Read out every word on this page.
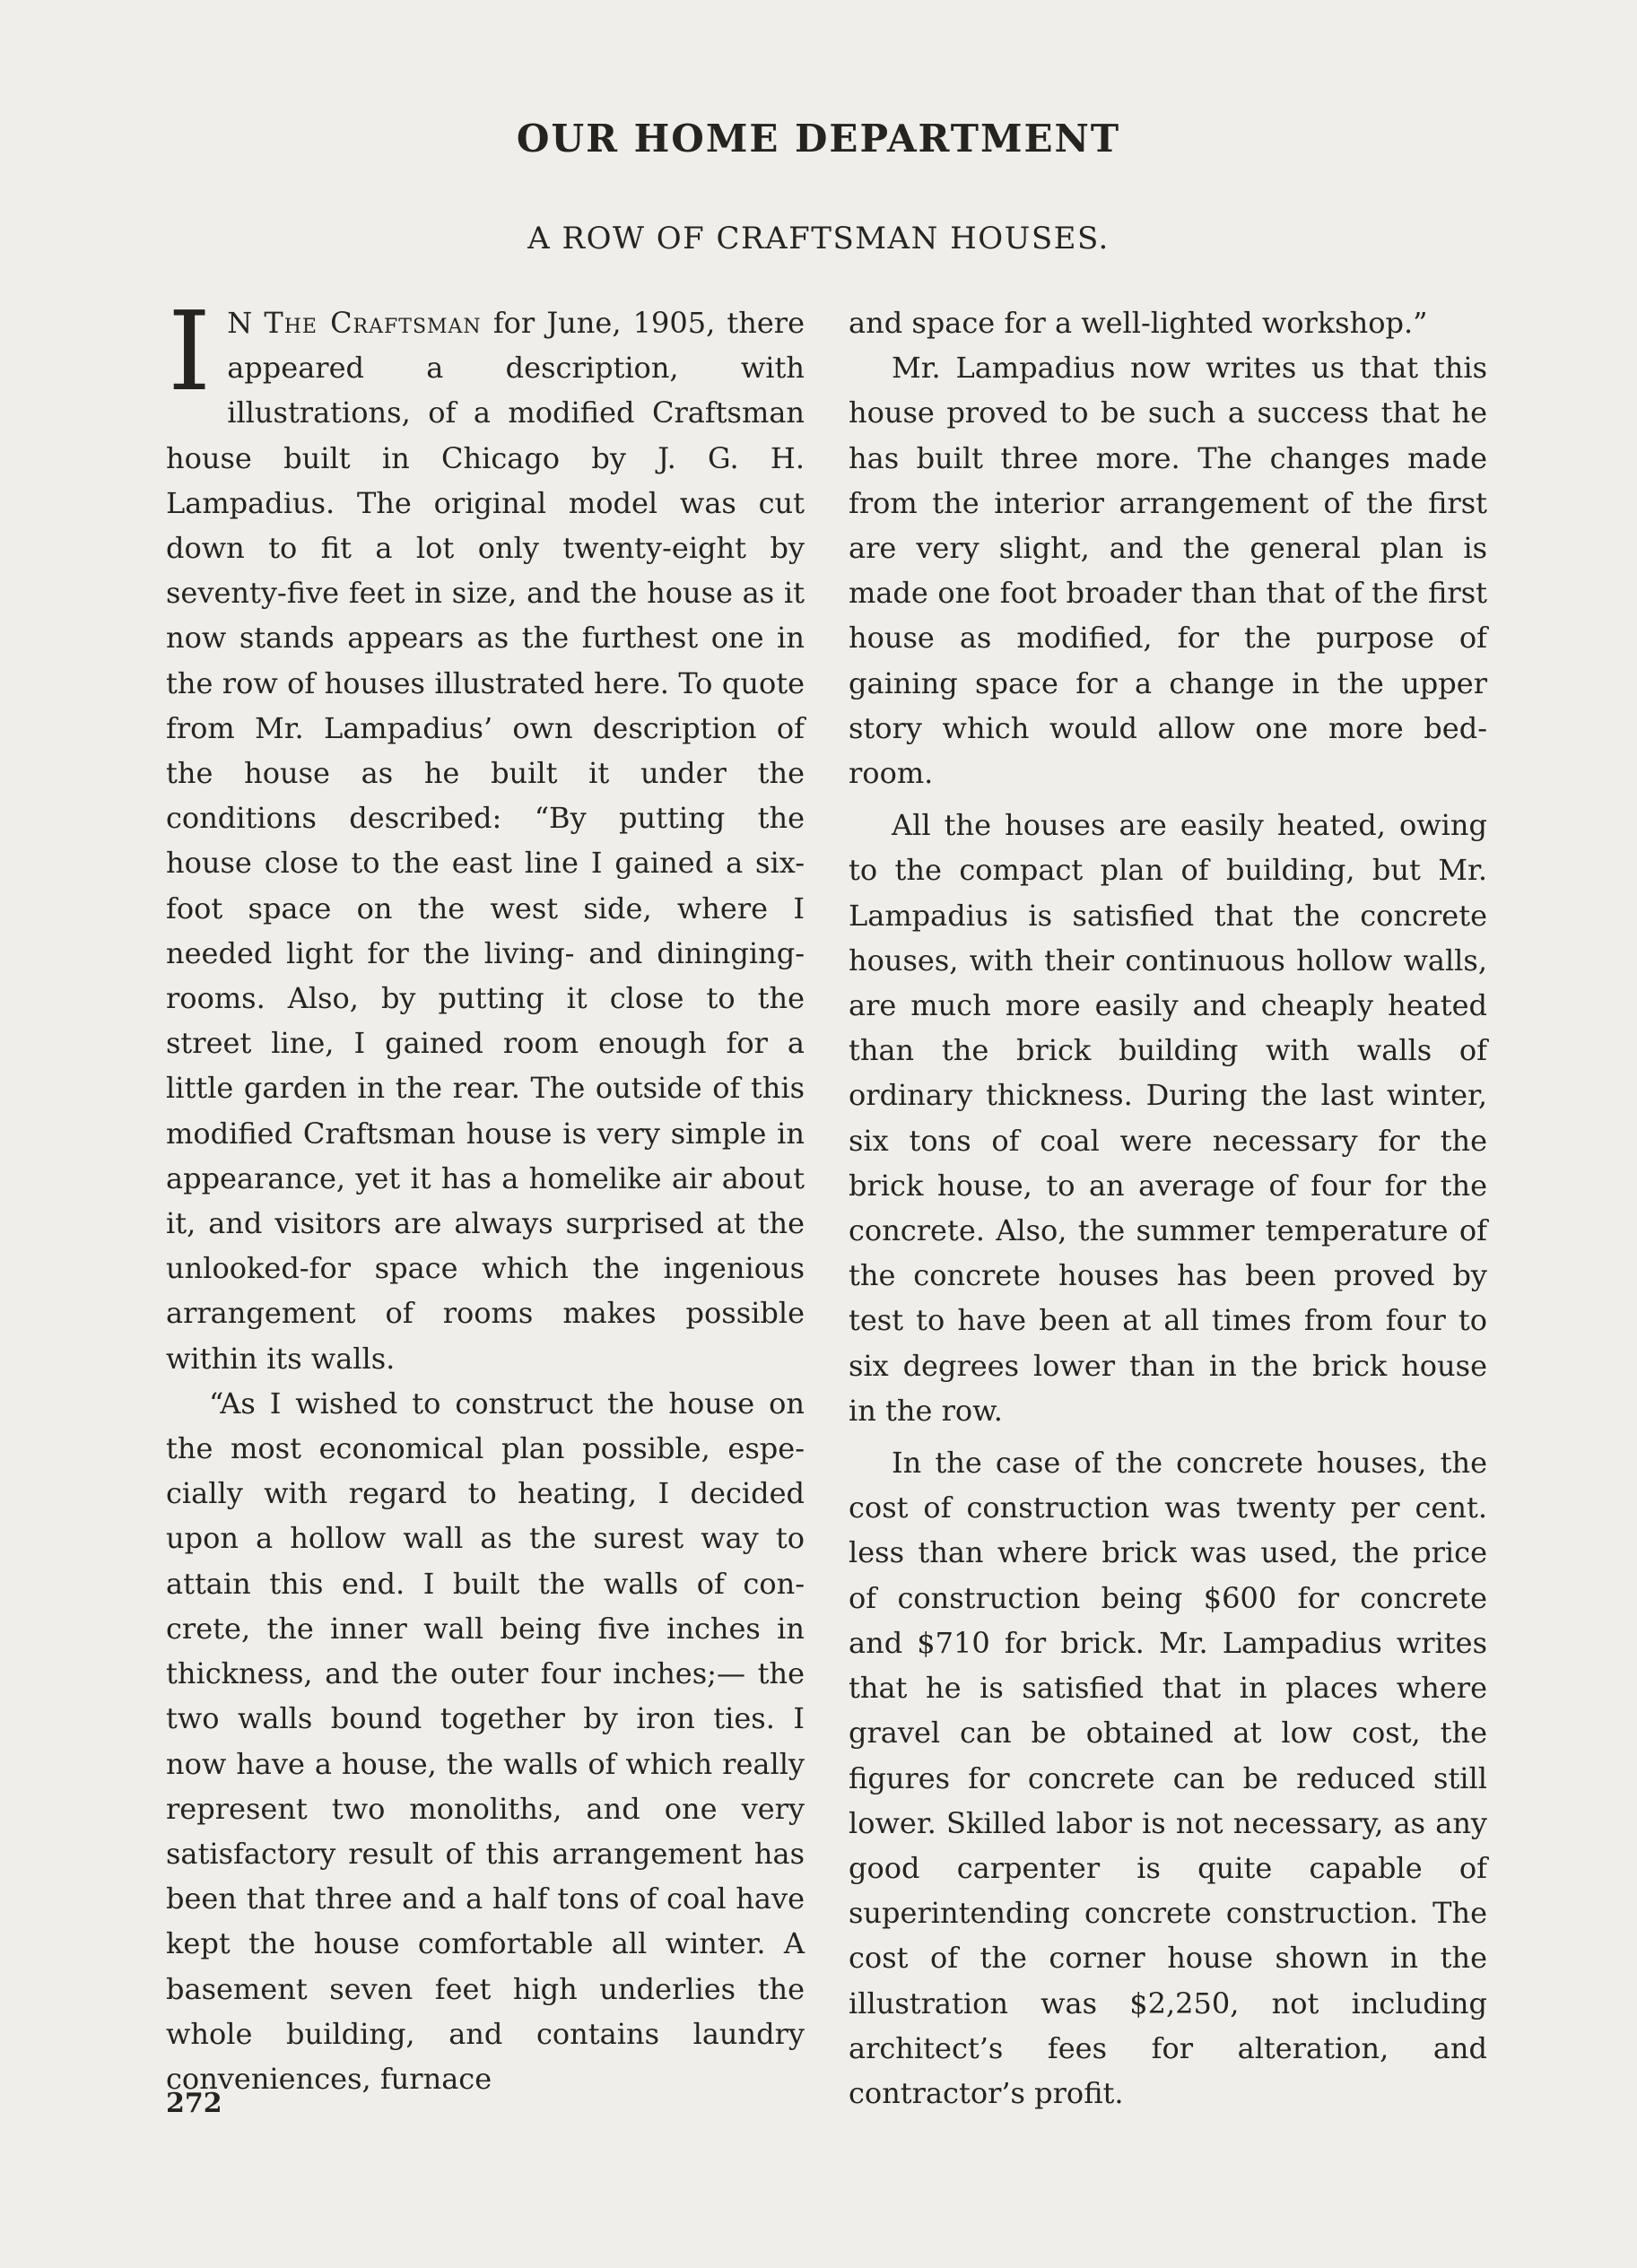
OUR HOME DEPARTMENT
A ROW OF CRAFTSMAN HOUSES.

I N The Craftsman for June, 1905, there appeared a description, with illustrations, of a modified Craftsman house built in Chicago by J. G. H. Lampadius. The original model was cut down to fit a lot only twenty-eight by seventy-five feet in size, and the house as it now stands appears as the furthest one in the row of houses illustrated here. To quote from Mr. Lampadius’ own description of the house as he built it under the conditions described: “By putting the house close to the east line I gained a six-foot space on the west side, where I needed light for the living- and dininging-rooms. Also, by putting it close to the street line, I gained room enough for a little garden in the rear. The outside of this modified Craftsman house is very simple in appearance, yet it has a homelike air about it, and visitors are always surprised at the unlooked-for space which the ingenious arrangement of rooms makes possible within its walls.

“As I wished to construct the house on the most economical plan possible, especially with regard to heating, I decided upon a hollow wall as the surest way to attain this end. I built the walls of concrete, the inner wall being five inches in thickness, and the outer four inches;— the two walls bound together by iron ties. I now have a house, the walls of which really represent two monoliths, and one very satisfactory result of this arrangement has been that three and a half tons of coal have kept the house comfortable all winter. A basement seven feet high underlies the whole building, and contains laundry conveniences, furnace

and space for a well-lighted workshop.”

Mr. Lampadius now writes us that this house proved to be such a success that he has built three more. The changes made from the interior arrangement of the first are very slight, and the general plan is made one foot broader than that of the first house as modified, for the purpose of gaining space for a change in the upper story which would allow one more bedroom.

All the houses are easily heated, owing to the compact plan of building, but Mr. Lampadius is satisfied that the concrete houses, with their continuous hollow walls, are much more easily and cheaply heated than the brick building with walls of ordinary thickness. During the last winter, six tons of coal were necessary for the brick house, to an average of four for the concrete. Also, the summer temperature of the concrete houses has been proved by test to have been at all times from four to six degrees lower than in the brick house in the row.

In the case of the concrete houses, the cost of construction was twenty per cent. less than where brick was used, the price of construction being $600 for concrete and $710 for brick. Mr. Lampadius writes that he is satisfied that in places where gravel can be obtained at low cost, the figures for concrete can be reduced still lower. Skilled labor is not necessary, as any good carpenter is quite capable of superintending concrete construction. The cost of the corner house shown in the illustration was $2,250, not including architect’s fees for alteration, and contractor’s profit.

272
